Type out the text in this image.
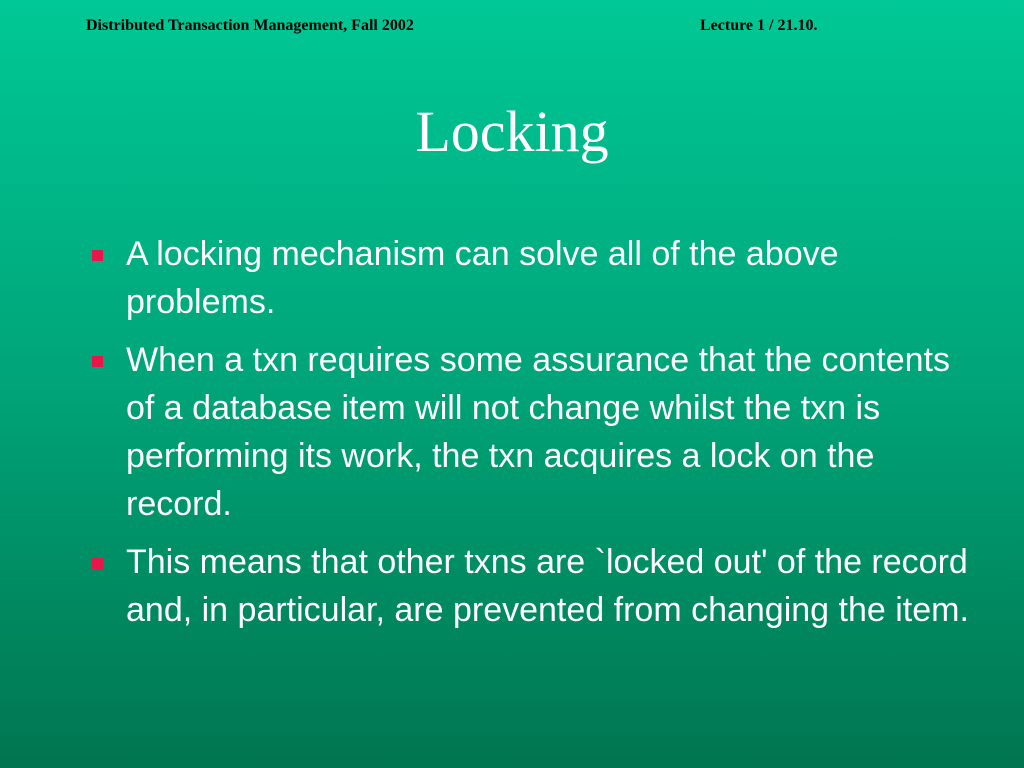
Distributed Transaction Management, Fall 2002	Lecture 1 / 21.10.
Locking
A locking mechanism can solve all of the above problems.
When a txn requires some assurance that the contents of a database item will not change whilst the txn is performing its work, the txn acquires a lock on the record.
This means that other txns are `locked out' of the record and, in particular, are prevented from changing the item.
